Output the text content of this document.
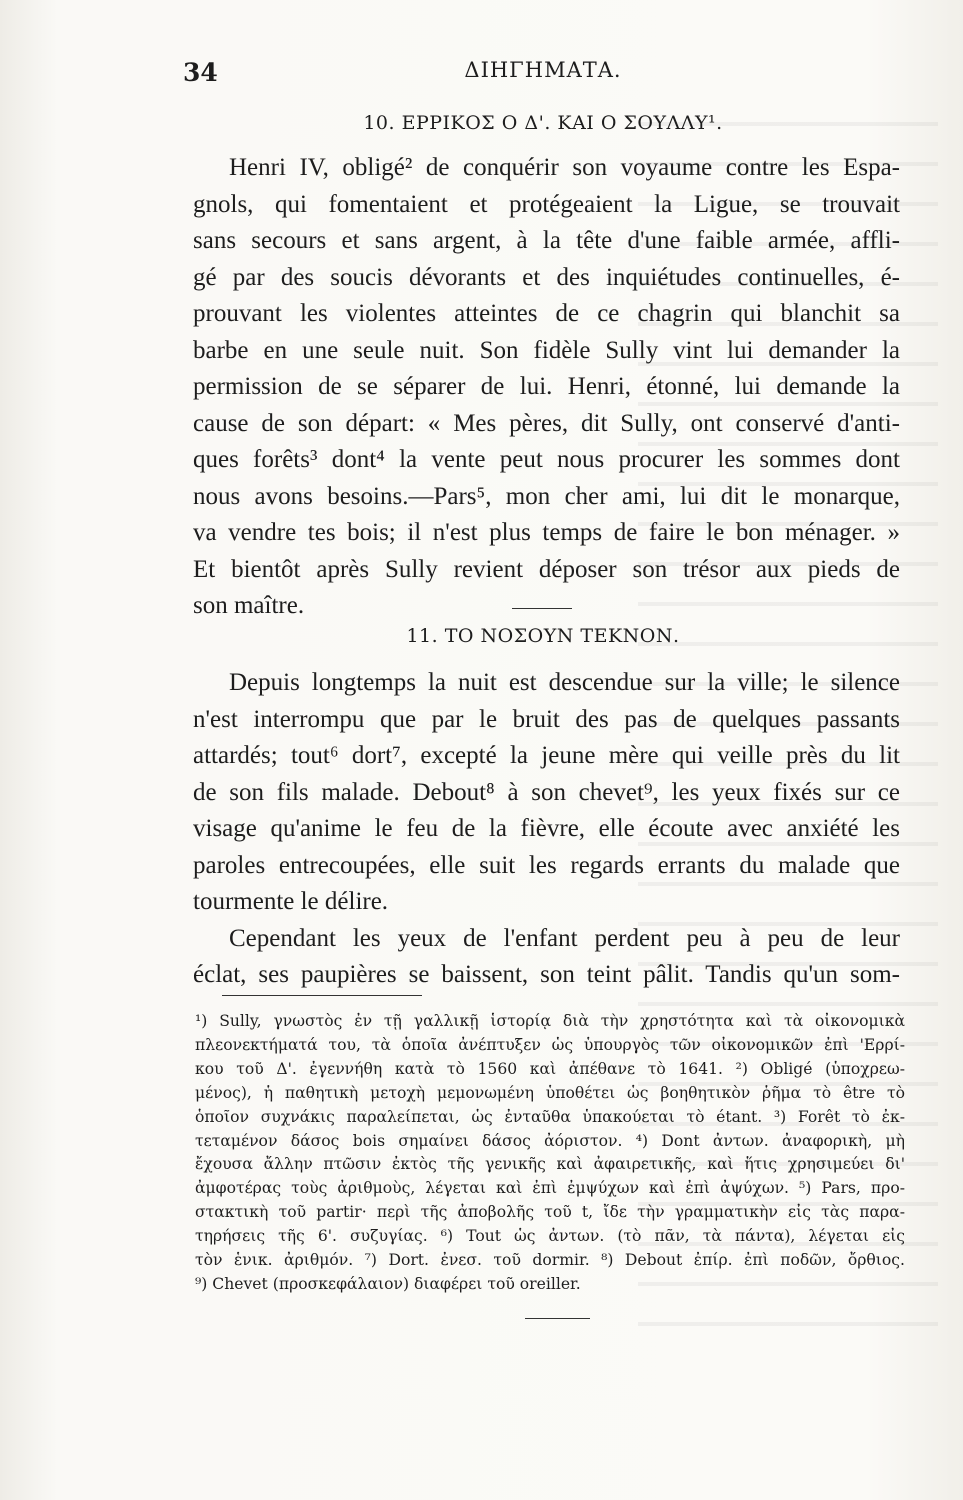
34	ΔΙΗΓΗΜΑΤΑ.
10. ΕΡΡΙΚΟΣ Ο Δ'. ΚΑΙ Ο ΣΟΥΛΛΥ¹.
Henri IV, obligé² de conquérir son voyaume contre les Espa-
gnols, qui fomentaient et protégeaient la Ligue, se trouvait
sans secours et sans argent, à la tête d'une faible armée, affli-
gé par des soucis dévorants et des inquiétudes continuelles, é-
prouvant les violentes atteintes de ce chagrin qui blanchit sa
barbe en une seule nuit. Son fidèle Sully vint lui demander la
permission de se séparer de lui. Henri, étonné, lui demande la
cause de son départ: « Mes pères, dit Sully, ont conservé d'anti-
ques forêts³ dont⁴ la vente peut nous procurer les sommes dont
nous avons besoins.—Pars⁵, mon cher ami, lui dit le monarque,
va vendre tes bois; il n'est plus temps de faire le bon ménager. »
Et bientôt après Sully revient déposer son trésor aux pieds de
son maître.
11. ΤΟ ΝΟΣΟΥΝ ΤΕΚΝΟΝ.
Depuis longtemps la nuit est descendue sur la ville; le silence
n'est interrompu que par le bruit des pas de quelques passants
attardés; tout⁶ dort⁷, excepté la jeune mère qui veille près du lit
de son fils malade. Debout⁸ à son chevet⁹, les yeux fixés sur ce
visage qu'anime le feu de la fièvre, elle écoute avec anxiété les
paroles entrecoupées, elle suit les regards errants du malade que
tourmente le délire.
Cependant les yeux de l'enfant perdent peu à peu de leur
éclat, ses paupières se baissent, son teint pâlit. Tandis qu'un som-
¹) Sully, γνωστὸς ἐν τῇ γαλλικῇ ἱστορίᾳ διὰ τὴν χρηστότητα καὶ τὰ οἰκονομικὰ
πλεονεκτήματά του, τὰ ὁποῖα ἀνέπτυξεν ὡς ὑπουργὸς τῶν οἰκονομικῶν ἐπὶ 'Ερρί-
κου τοῦ Δ'. ἐγεννήθη κατὰ τὸ 1560 καὶ ἀπέθανε τὸ 1641. ²) Obligé (ὑποχρεω-
μένος), ἡ παθητικὴ μετοχὴ μεμονωμένη ὑποθέτει ὡς βοηθητικὸν ῥῆμα τὸ être τὸ
ὁποῖον συχνάκις παραλείπεται, ὡς ἐνταῦθα ὑπακούεται τὸ étant. ³) Forêt τὸ ἐκ-
τεταμένον δάσος bois σημαίνει δάσος ἀόριστον. ⁴) Dont ἀντων. ἀναφορικὴ, μὴ
ἔχουσα ἄλλην πτῶσιν ἐκτὸς τῆς γενικῆς καὶ ἀφαιρετικῆς, καὶ ἥτις χρησιμεύει δι'
ἀμφοτέρας τοὺς ἀριθμοὺς, λέγεται καὶ ἐπὶ ἐμψύχων καὶ ἐπὶ ἀψύχων. ⁵) Pars, προ-
στακτικὴ τοῦ partir· περὶ τῆς ἀποβολῆς τοῦ t, ἴδε τὴν γραμματικὴν εἰς τὰς παρα-
τηρήσεις τῆς 6'. συζυγίας. ⁶) Tout ὡς ἀντων. (τὸ πᾶν, τὰ πάντα), λέγεται εἰς
τὸν ἑνικ. ἀριθμόν. ⁷) Dort. ἐνεσ. τοῦ dormir. ⁸) Debout ἐπίρ. ἐπὶ ποδῶν, ὄρθιος.
⁹) Chevet (προσκεφάλαιον) διαφέρει τοῦ oreiller.
